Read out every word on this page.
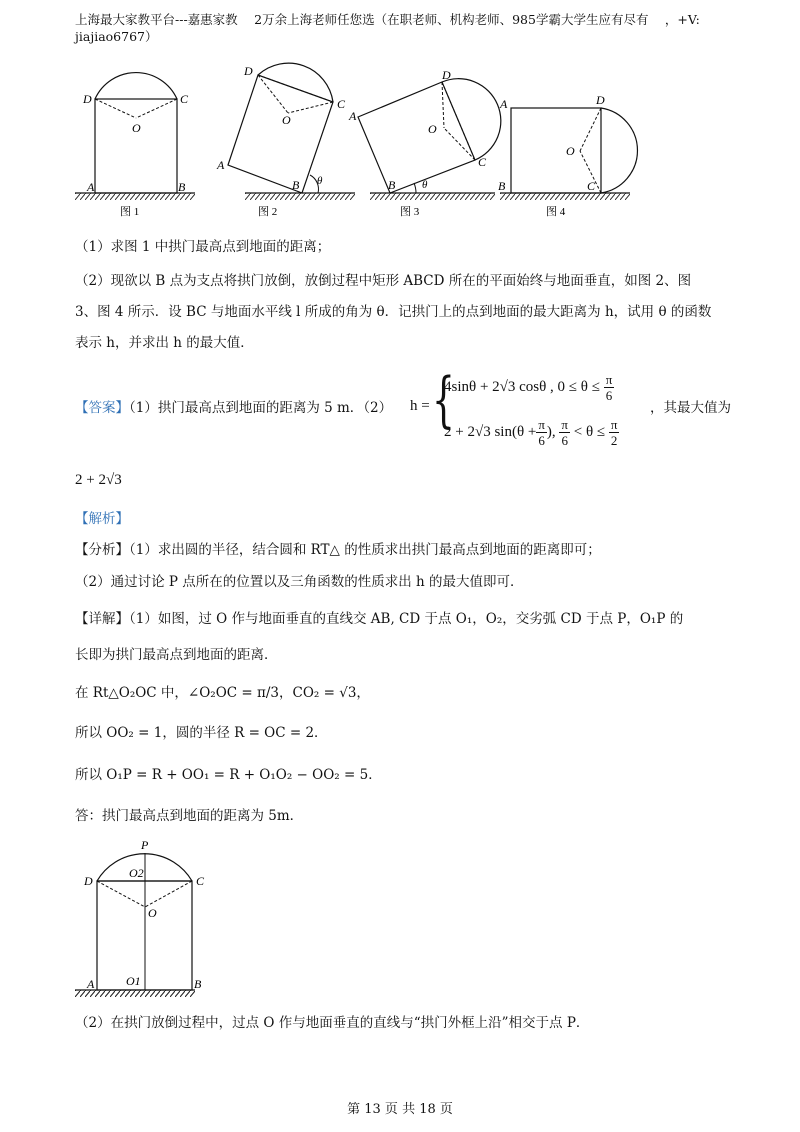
上海最大家教平台---嘉惠家教 　2万余上海老师任您选（在职老师、机构老师、985学霸大学生应有尽有 　，+V:
jiajiao6767）
D	C
O
A	B
D
C
O
A
B θ
D
C
O
A
B θ
A	D
O
B	C
图 1	图 2	图 3	图 4
（1）求图 1 中拱门最高点到地面的距离；
（2）现欲以 B 点为支点将拱门放倒，放倒过程中矩形 ABCD 所在的平面始终与地面垂直，如图 2、图
3、图 4 所示．设 BC 与地面水平线 l 所成的角为 θ．记拱门上的点到地面的最大距离为 h，试用 θ 的函数
表示 h，并求出 h 的最大值．
【答案】（1）拱门最高点到地面的距离为 5 m．（2） h = {
4sinθ + 2√3 cosθ , $0 \le \theta \le \frac{\pi}{6}$
2 + 2√3 $\sin(\theta + \frac{\pi}{6}$ ), $\frac{\pi}{6} < \theta \le \frac{\pi}{2}$
，其最大值为
2 + 2√3
【解析】
【分析】（1）求出圆的半径，结合圆和 RT△ 的性质求出拱门最高点到地面的距离即可；
（2）通过讨论 P 点所在的位置以及三角函数的性质求出 h 的最大值即可．
【详解】（1）如图，过 O 作与地面垂直的直线交 AB, CD 于点 O₁，O₂，交劣弧 CD 于点 P，O₁P 的
长即为拱门最高点到地面的距离．
在 Rt△O₂OC 中，∠O₂OC = π/3，CO₂ = √3，
所以 OO₂ = 1，圆的半径 R = OC = 2．
所以 O₁P = R + OO₁ = R + O₁O₂ − OO₂ = 5．
答：拱门最高点到地面的距离为 5m．
P
O2
D	C
O
A	O1	B
（2）在拱门放倒过程中，过点 O 作与地面垂直的直线与“拱门外框上沿”相交于点 P．
第 13 页 共 18 页
